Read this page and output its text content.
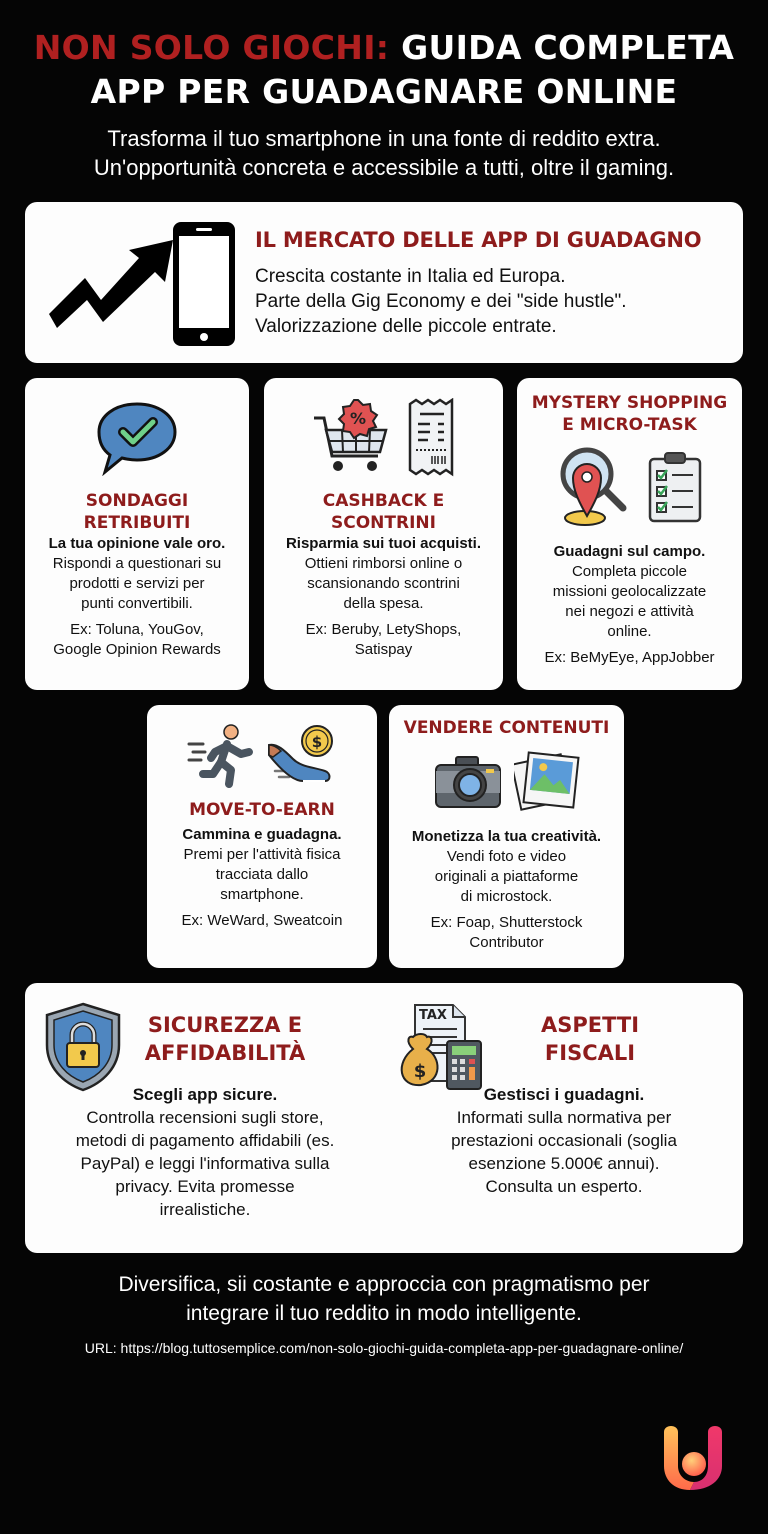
NON SOLO GIOCHI: GUIDA COMPLETA
APP PER GUADAGNARE ONLINE
Trasforma il tuo smartphone in una fonte di reddito extra.
Un'opportunità concreta e accessibile a tutti, oltre il gaming.
IL MERCATO DELLE APP DI GUADAGNO

Crescita costante in Italia ed Europa.

Parte della Gig Economy e dei "side hustle".

Valorizzazione delle piccole entrate.

SONDAGGI
RETRIBUITI
La tua opinione vale oro.
Rispondi a questionari su
prodotti e servizi per
punti convertibili.
Ex: Toluna, YouGov,
Google Opinion Rewards
%
CASHBACK E
SCONTRINI
Risparmia sui tuoi acquisti.
Ottieni rimborsi online o
scansionando scontrini
della spesa.
Ex: Beruby, LetyShops,
Satispay
MYSTERY SHOPPING
E MICRO-TASK
Guadagni sul campo.
Completa piccole
missioni geolocalizzate
nei negozi e attività
online.
Ex: BeMyEye, AppJobber
$
MOVE-TO-EARN
Cammina e guadagna.
Premi per l'attività fisica
tracciata dallo
smartphone.
Ex: WeWard, Sweatcoin
VENDERE CONTENUTI
Monetizza la tua creatività.
Vendi foto e video
originali a piattaforme
di microstock.
Ex: Foap, Shutterstock
Contributor
SICUREZZA E
AFFIDABILITÀ
Scegli app sicure.
Controlla recensioni sugli store,
metodi di pagamento affidabili (es.
PayPal) e leggi l'informativa sulla
privacy. Evita promesse
irrealistiche.
TAX
$
ASPETTI
FISCALI
Gestisci i guadagni.
Informati sulla normativa per
prestazioni occasionali (soglia
esenzione 5.000€ annui).
Consulta un esperto.
Diversifica, sii costante e approccia con pragmatismo per
integrare il tuo reddito in modo intelligente.
URL: https://blog.tuttosemplice.com/non-solo-giochi-guida-completa-app-per-guadagnare-online/
